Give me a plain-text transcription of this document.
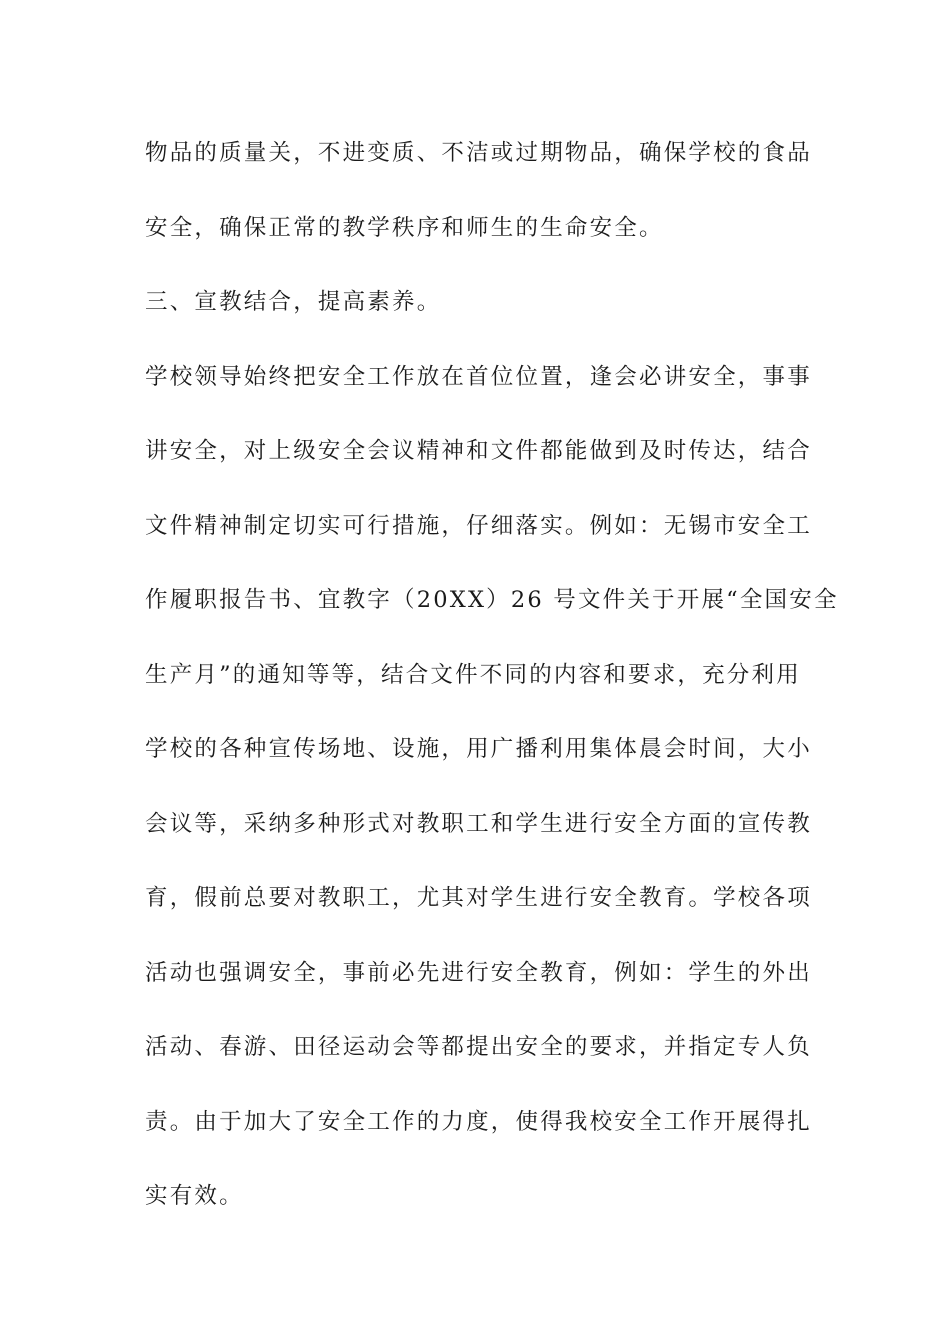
物品的质量关，不进变质、不洁或过期物品，确保学校的食品
安全，确保正常的教学秩序和师生的生命安全。
三、宣教结合，提高素养。
学校领导始终把安全工作放在首位位置，逢会必讲安全，事事
讲安全，对上级安全会议精神和文件都能做到及时传达，结合
文件精神制定切实可行措施，仔细落实。例如：无锡市安全工
作履职报告书、宜教字（20XX）26 号文件关于开展“全国安全
生产月”的通知等等，结合文件不同的内容和要求，充分利用
学校的各种宣传场地、设施，用广播利用集体晨会时间，大小
会议等，采纳多种形式对教职工和学生进行安全方面的宣传教
育，假前总要对教职工，尤其对学生进行安全教育。学校各项
活动也强调安全，事前必先进行安全教育，例如：学生的外出
活动、春游、田径运动会等都提出安全的要求，并指定专人负
责。由于加大了安全工作的力度，使得我校安全工作开展得扎
实有效。
